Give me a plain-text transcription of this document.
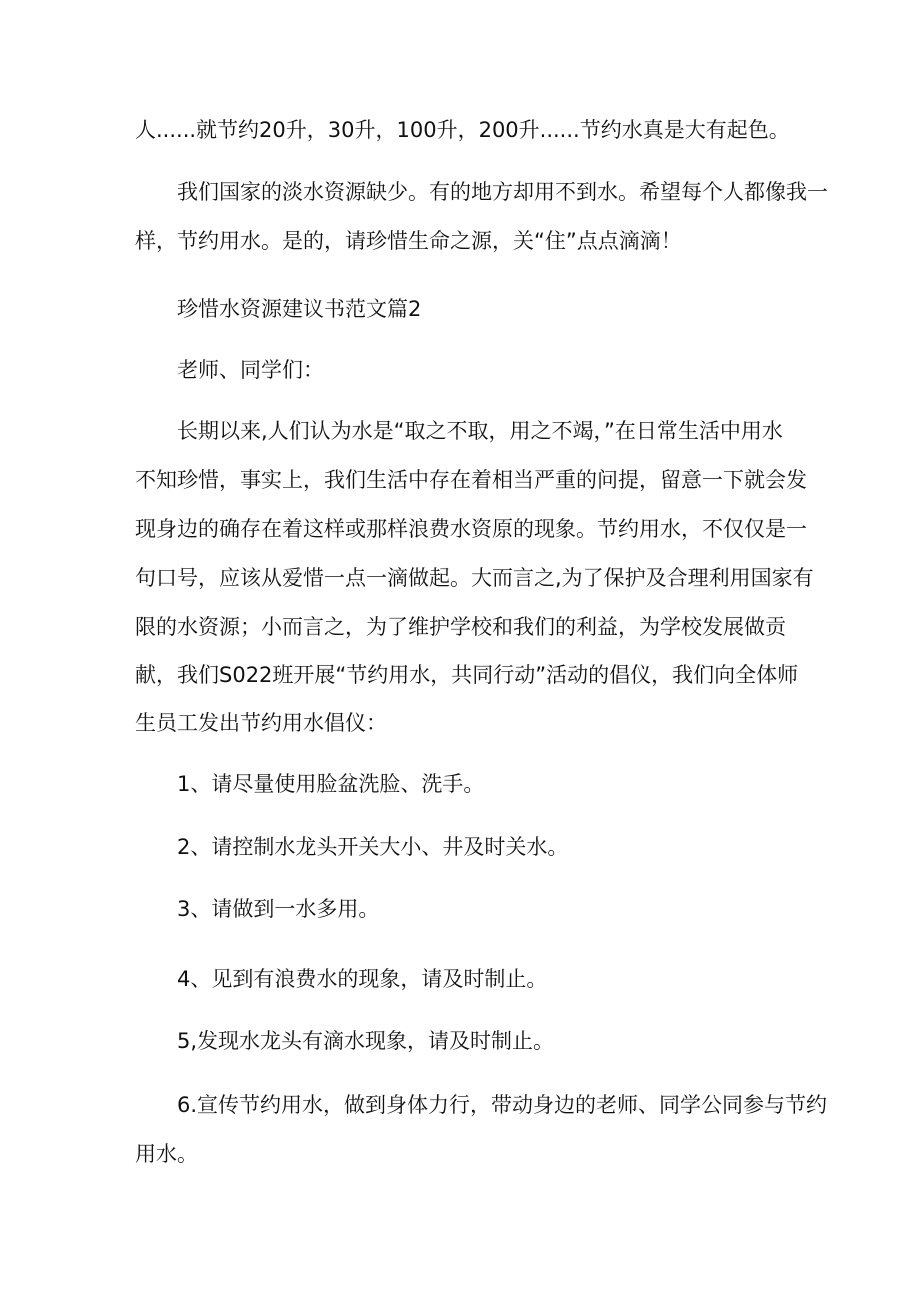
人......就节约20升，30升，100升，200升......节约水真是大有起色。
我们国家的淡水资源缺少。有的地方却用不到水。希望每个人都像我一
样，节约用水。是的，请珍惜生命之源，关“住”点点滴滴！
珍惜水资源建议书范文篇2
老师、同学们：
长期以来,人们认为水是“取之不取，用之不竭，”在日常生活中用水
不知珍惜，事实上，我们生活中存在着相当严重的问提，留意一下就会发
现身边的确存在着这样或那样浪费水资原的现象。节约用水，不仅仅是一
句口号，应该从爱惜一点一滴做起。大而言之,为了保护及合理利用国家有
限的水资源；小而言之，为了维护学校和我们的利益，为学校发展做贡
献，我们S022班开展“节约用水，共同行动”活动的倡仪，我们向全体师
生员工发出节约用水倡仪：
1、请尽量使用脸盆洗脸、洗手。
2、请控制水龙头开关大小、井及时关水。
3、请做到一水多用。
4、见到有浪费水的现象，请及时制止。
5,发现水龙头有滴水现象，请及时制止。
6.宣传节约用水，做到身体力行，带动身边的老师、同学公同参与节约
用水。
